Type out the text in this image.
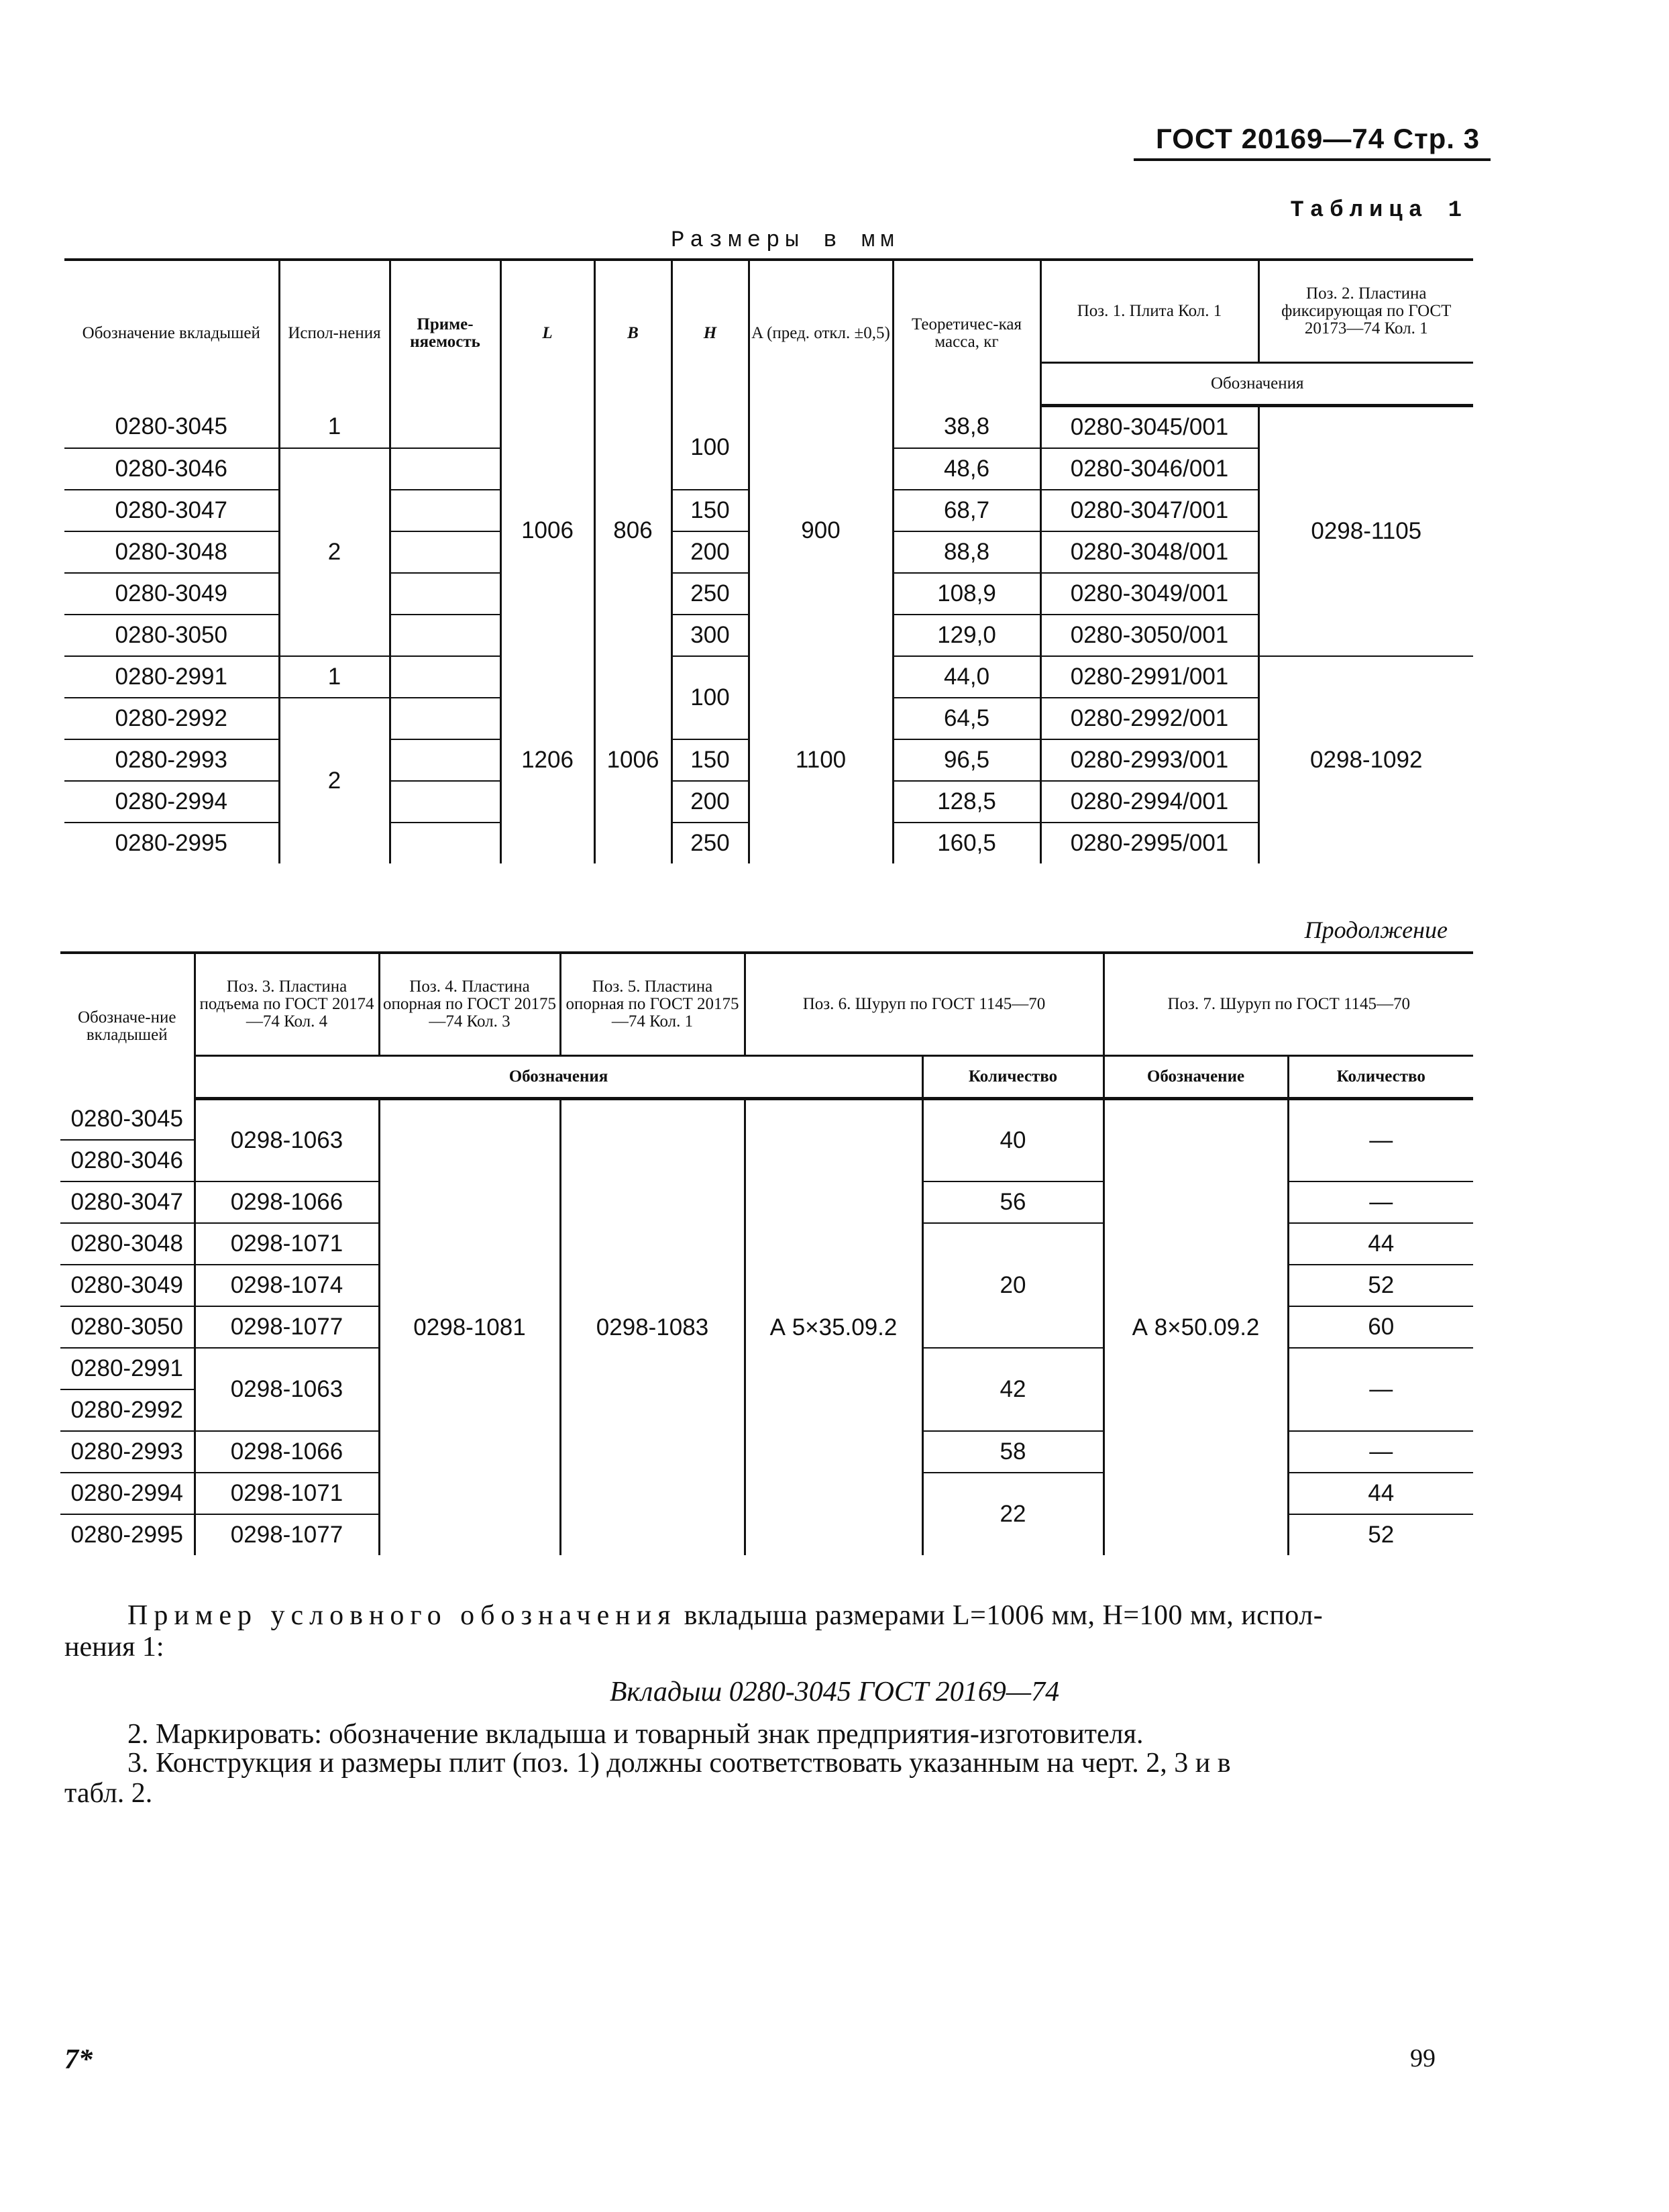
ГОСТ 20169—74 Стр. 3
Таблица 1
Размеры в мм
Обозначение вкладышей	Испол-нения	Приме-няемость	L	B	H	A (пред. откл. ±0,5)	Теоретичес-кая масса, кг	Поз. 1. Плита Кол. 1	Поз. 2. Пластина фиксирующая по ГОСТ 20173—74 Кол. 1
								Обозначения	
0280-3045	1		1006	806	100	900	38,8	0280-3045/001	0298-1105
0280-3046	2						48,6	0280-3046/001	
0280-3047					150		68,7	0280-3047/001	
0280-3048					200		88,8	0280-3048/001	
0280-3049					250		108,9	0280-3049/001	
0280-3050					300		129,0	0280-3050/001	
0280-2991	1		1206	1006	100	1100	44,0	0280-2991/001	0298-1092
0280-2992	2						64,5	0280-2992/001	
0280-2993					150		96,5	0280-2993/001	
0280-2994					200		128,5	0280-2994/001	
0280-2995					250		160,5	0280-2995/001	
Продолжение
Обозначе-ние вкладышей	Поз. 3. Пластина подъема по ГОСТ 20174—74 Кол. 4	Поз. 4. Пластина опорная по ГОСТ 20175—74 Кол. 3	Поз. 5. Пластина опорная по ГОСТ 20175—74 Кол. 1	Поз. 6. Шуруп по ГОСТ 1145—70		Поз. 7. Шуруп по ГОСТ 1145—70	
	Обозначения				Количество	Обозначение	Количество
0280-3045	0298-1063	0298-1081	0298-1083	А 5×35.09.2	40	А 8×50.09.2	—
0280-3046							
0280-3047	0298-1066				56		—
0280-3048	0298-1071				20		44
0280-3049	0298-1074						52
0280-3050	0298-1077						60
0280-2991	0298-1063				42		—
0280-2992							
0280-2993	0298-1066				58		—
0280-2994	0298-1071				22		44
0280-2995	0298-1077						52
Пример условного обозначения вкладыша размерами L=1006 мм, H=100 мм, испол-
нения 1:
Вкладыш 0280-3045 ГОСТ 20169—74
2. Маркировать: обозначение вкладыша и товарный знак предприятия-изготовителя.
3. Конструкция и размеры плит (поз. 1) должны соответствовать указанным на черт. 2, 3 и в
табл. 2.
7*	99
